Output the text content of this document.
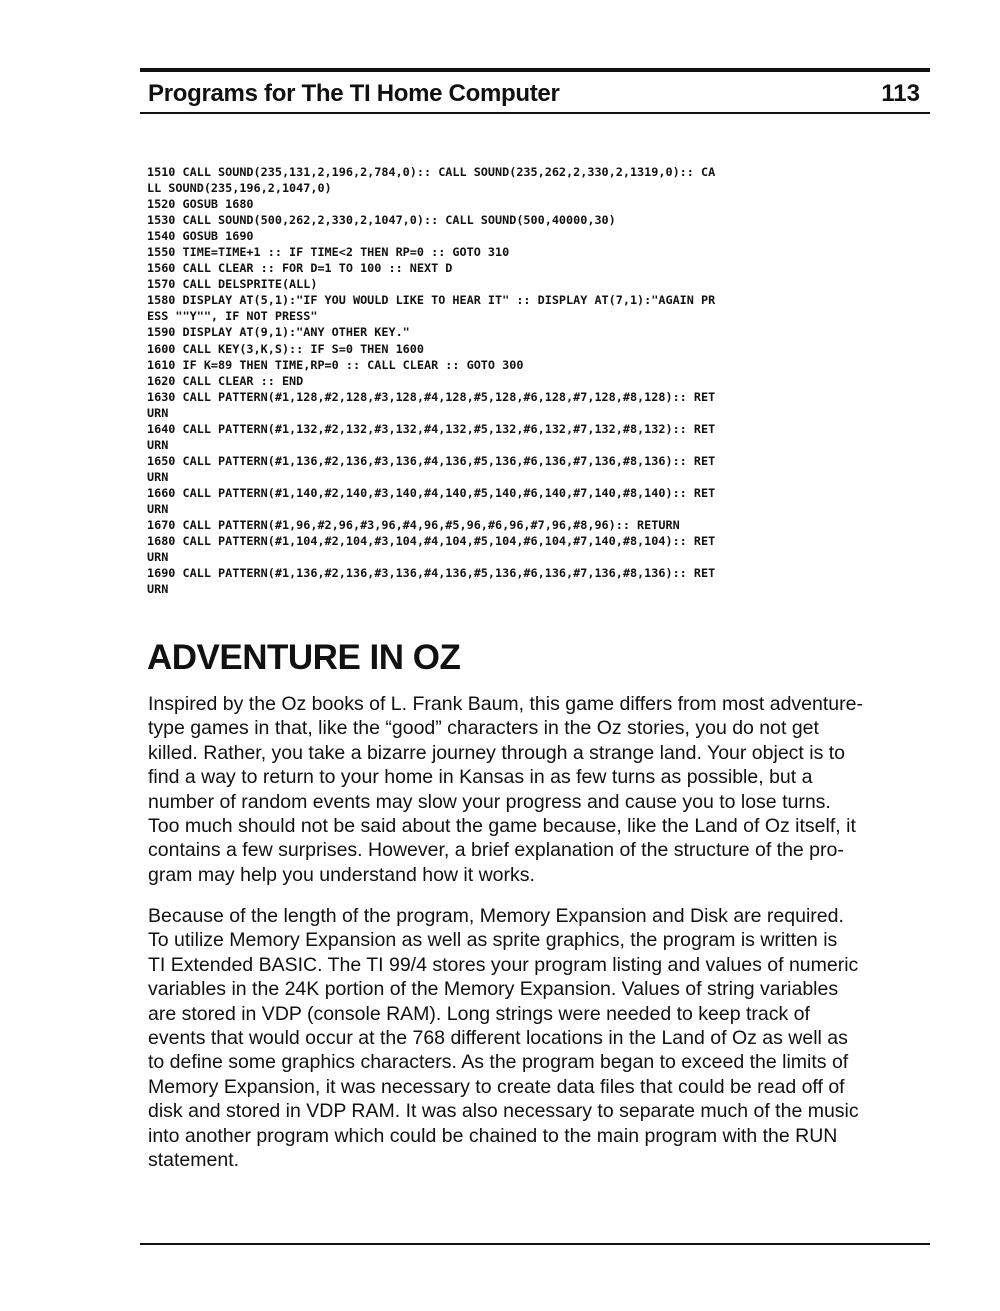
Programs for The TI Home Computer	113
1510 CALL SOUND(235,131,2,196,2,784,0):: CALL SOUND(235,262,2,330,2,1319,0):: CA
LL SOUND(235,196,2,1047,0)
1520 GOSUB 1680
1530 CALL SOUND(500,262,2,330,2,1047,0):: CALL SOUND(500,40000,30)
1540 GOSUB 1690
1550 TIME=TIME+1 :: IF TIME<2 THEN RP=0 :: GOTO 310
1560 CALL CLEAR :: FOR D=1 TO 100 :: NEXT D
1570 CALL DELSPRITE(ALL)
1580 DISPLAY AT(5,1):"IF YOU WOULD LIKE TO HEAR IT" :: DISPLAY AT(7,1):"AGAIN PR
ESS ""Y"", IF NOT PRESS"
1590 DISPLAY AT(9,1):"ANY OTHER KEY."
1600 CALL KEY(3,K,S):: IF S=0 THEN 1600
1610 IF K=89 THEN TIME,RP=0 :: CALL CLEAR :: GOTO 300
1620 CALL CLEAR :: END
1630 CALL PATTERN(#1,128,#2,128,#3,128,#4,128,#5,128,#6,128,#7,128,#8,128):: RET
URN
1640 CALL PATTERN(#1,132,#2,132,#3,132,#4,132,#5,132,#6,132,#7,132,#8,132):: RET
URN
1650 CALL PATTERN(#1,136,#2,136,#3,136,#4,136,#5,136,#6,136,#7,136,#8,136):: RET
URN
1660 CALL PATTERN(#1,140,#2,140,#3,140,#4,140,#5,140,#6,140,#7,140,#8,140):: RET
URN
1670 CALL PATTERN(#1,96,#2,96,#3,96,#4,96,#5,96,#6,96,#7,96,#8,96):: RETURN
1680 CALL PATTERN(#1,104,#2,104,#3,104,#4,104,#5,104,#6,104,#7,140,#8,104):: RET
URN
1690 CALL PATTERN(#1,136,#2,136,#3,136,#4,136,#5,136,#6,136,#7,136,#8,136):: RET
URN
ADVENTURE IN OZ

Inspired by the Oz books of L. Frank Baum, this game differs from most adventure-
type games in that, like the “good” characters in the Oz stories, you do not get
killed. Rather, you take a bizarre journey through a strange land. Your object is to
find a way to return to your home in Kansas in as few turns as possible, but a
number of random events may slow your progress and cause you to lose turns.
Too much should not be said about the game because, like the Land of Oz itself, it
contains a few surprises. However, a brief explanation of the structure of the pro-
gram may help you understand how it works.

Because of the length of the program, Memory Expansion and Disk are required.
To utilize Memory Expansion as well as sprite graphics, the program is written is
TI Extended BASIC. The TI 99/4 stores your program listing and values of numeric
variables in the 24K portion of the Memory Expansion. Values of string variables
are stored in VDP (console RAM). Long strings were needed to keep track of
events that would occur at the 768 different locations in the Land of Oz as well as
to define some graphics characters. As the program began to exceed the limits of
Memory Expansion, it was necessary to create data files that could be read off of
disk and stored in VDP RAM. It was also necessary to separate much of the music
into another program which could be chained to the main program with the RUN
statement.
